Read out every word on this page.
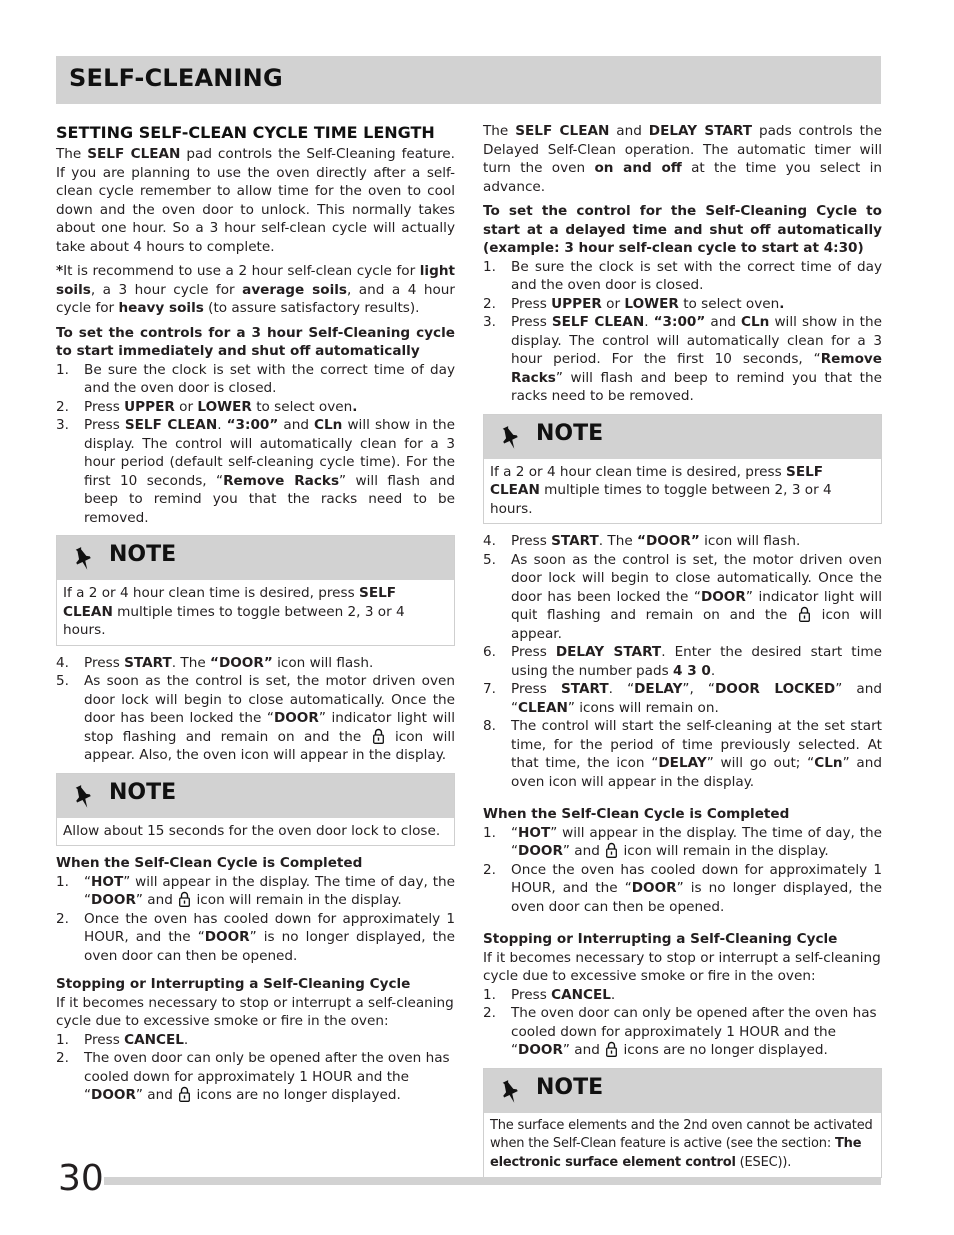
SELF-CLEANING
SETTING SELF-CLEAN CYCLE TIME LENGTH

The SELF CLEAN pad controls the Self-Cleaning feature. If you are planning to use the oven directly after a self-clean cycle remember to allow time for the oven to cool down and the oven door to unlock. This normally takes about one hour. So a 3 hour self-clean cycle will actually take about 4 hours to complete.

*It is recommend to use a 2 hour self-clean cycle for light soils, a 3 hour cycle for average soils, and a 4 hour cycle for heavy soils (to assure satisfactory results).

To set the controls for a 3 hour Self-Cleaning cycle to start immediately and shut off automatically

1. Be sure the clock is set with the correct time of day and the oven door is closed.
2. Press UPPER or LOWER to select oven.
3. Press SELF CLEAN. “3:00” and CLn will show in the display. The control will automatically clean for a 3 hour period (default self-cleaning cycle time). For the first 10 seconds, “Remove Racks” will flash and beep to remind you that the racks need to be removed.
NOTE
If a 2 or 4 hour clean time is desired, press SELF CLEAN multiple times to toggle between 2, 3 or 4 hours.
4. Press START. The “DOOR” icon will flash.
5. As soon as the control is set, the motor driven oven door lock will begin to close automatically. Once the door has been locked the “DOOR” indicator light will stop flashing and remain on and the  icon will appear. Also, the oven icon will appear in the display.
NOTE
Allow about 15 seconds for the oven door lock to close.

When the Self-Clean Cycle is Completed

1. “HOT” will appear in the display. The time of day, the “DOOR” and  icon will remain in the display.
2. Once the oven has cooled down for approximately 1 HOUR, and the “DOOR” is no longer displayed, the oven door can then be opened.

Stopping or Interrupting a Self-Cleaning Cycle

If it becomes necessary to stop or interrupt a self-cleaning cycle due to excessive smoke or fire in the oven:

1. Press CANCEL.
2. The oven door can only be opened after the oven has cooled down for approximately 1 HOUR and the “DOOR” and  icons are no longer displayed.

The SELF CLEAN and DELAY START pads controls the Delayed Self-Clean operation. The automatic timer will turn the oven on and off at the time you select in advance.

To set the control for the Self-Cleaning Cycle to start at a delayed time and shut off automatically (example: 3 hour self-clean cycle to start at 4:30)

1. Be sure the clock is set with the correct time of day and the oven door is closed.
2. Press UPPER or LOWER to select oven.
3. Press SELF CLEAN. “3:00” and CLn will show in the display. The control will automatically clean for a 3 hour period. For the first 10 seconds, “Remove Racks” will flash and beep to remind you that the racks need to be removed.
NOTE
If a 2 or 4 hour clean time is desired, press SELF CLEAN multiple times to toggle between 2, 3 or 4 hours.
4. Press START. The “DOOR” icon will flash.
5. As soon as the control is set, the motor driven oven door lock will begin to close automatically. Once the door has been locked the “DOOR” indicator light will quit flashing and remain on and the  icon will appear.
6. Press DELAY START. Enter the desired start time using the number pads 4 3 0.
7. Press START. “DELAY”, “DOOR LOCKED” and “CLEAN” icons will remain on.
8. The control will start the self-cleaning at the set start time, for the period of time previously selected. At that time, the icon “DELAY” will go out; “CLn” and oven icon will appear in the display.

When the Self-Clean Cycle is Completed

1. “HOT” will appear in the display. The time of day, the “DOOR” and  icon will remain in the display.
2. Once the oven has cooled down for approximately 1 HOUR, and the “DOOR” is no longer displayed, the oven door can then be opened.

Stopping or Interrupting a Self-Cleaning Cycle

If it becomes necessary to stop or interrupt a self-cleaning cycle due to excessive smoke or fire in the oven:

1. Press CANCEL.
2. The oven door can only be opened after the oven has cooled down for approximately 1 HOUR and the “DOOR” and  icons are no longer displayed.
NOTE
The surface elements and the 2nd oven cannot be activated when the Self-Clean feature is active (see the section: The electronic surface element control (ESEC)).
30
